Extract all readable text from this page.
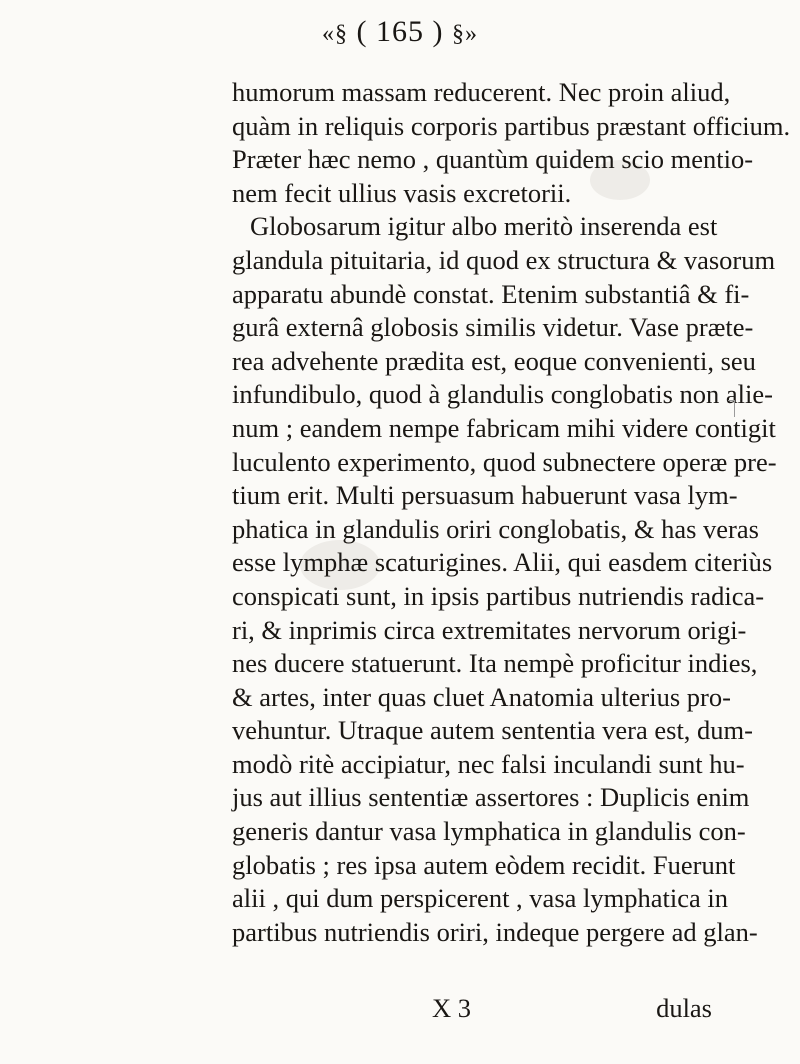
«§ ( 165 ) §»
humorum massam reducerent. Nec proin aliud,
quàm in reliquis corporis partibus præstant officium.
Præter hæc nemo , quantùm quidem scio mentio-
nem fecit ullius vasis excretorii.
Globosarum igitur albo meritò inserenda est
glandula pituitaria, id quod ex structura & vasorum
apparatu abundè constat. Etenim substantiâ & fi-
gurâ externâ globosis similis videtur. Vase præte-
rea advehente prædita est, eoque convenienti, seu
infundibulo, quod à glandulis conglobatis non alie-
num ; eandem nempe fabricam mihi videre contigit
luculento experimento, quod subnectere operæ pre-
tium erit. Multi persuasum habuerunt vasa lym-
phatica in glandulis oriri conglobatis, & has veras
esse lymphæ scaturigines. Alii, qui easdem citeriùs
conspicati sunt, in ipsis partibus nutriendis radica-
ri, & inprimis circa extremitates nervorum origi-
nes ducere statuerunt. Ita nempè proficitur indies,
& artes, inter quas cluet Anatomia ulterius pro-
vehuntur. Utraque autem sententia vera est, dum-
modò ritè accipiatur, nec falsi inculandi sunt hu-
jus aut illius sententiæ assertores : Duplicis enim
generis dantur vasa lymphatica in glandulis con-
globatis ; res ipsa autem eòdem recidit. Fuerunt
alii , qui dum perspicerent , vasa lymphatica in
partibus nutriendis oriri, indeque pergere ad glan-
X 3	dulas
